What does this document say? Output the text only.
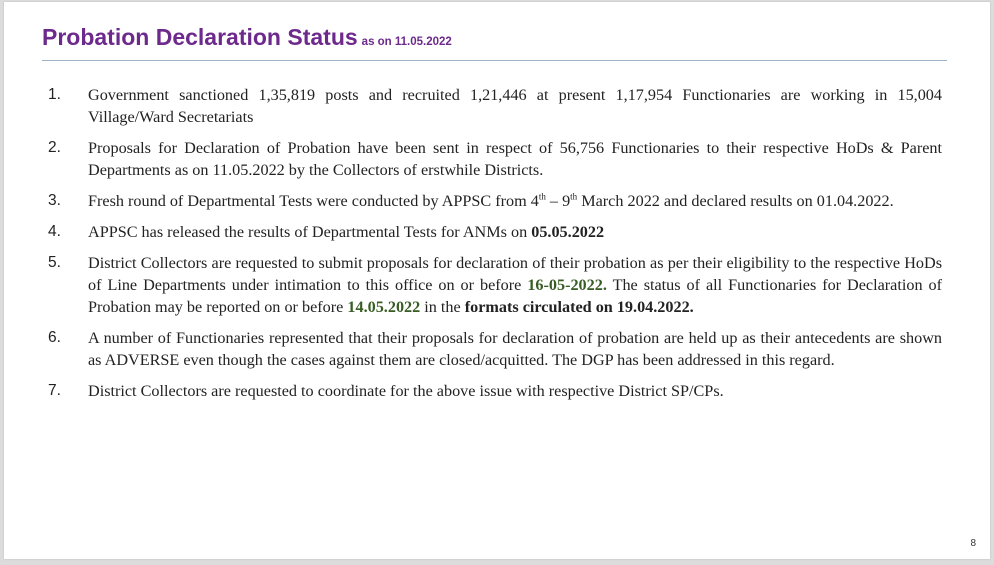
Probation Declaration Status as on 11.05.2022
1.	Government sanctioned 1,35,819 posts and recruited 1,21,446 at present 1,17,954 Functionaries are working in 15,004 Village/Ward Secretariats
2.	Proposals for Declaration of Probation have been sent in respect of 56,756 Functionaries to their respective HoDs & Parent Departments as on 11.05.2022 by the Collectors of erstwhile Districts.
3.	Fresh round of Departmental Tests were conducted by APPSC from 4th – 9th March 2022 and declared results on 01.04.2022.
4.	APPSC has released the results of Departmental Tests for ANMs on 05.05.2022
5.	District Collectors are requested to submit proposals for declaration of their probation as per their eligibility to the respective HoDs of Line Departments under intimation to this office on or before 16-05-2022. The status of all Functionaries for Declaration of Probation may be reported on or before 14.05.2022 in the formats circulated on 19.04.2022.
6.	A number of Functionaries represented that their proposals for declaration of probation are held up as their antecedents are shown as ADVERSE even though the cases against them are closed/acquitted. The DGP has been addressed in this regard.
7.	District Collectors are requested to coordinate for the above issue with respective District SP/CPs.
8
